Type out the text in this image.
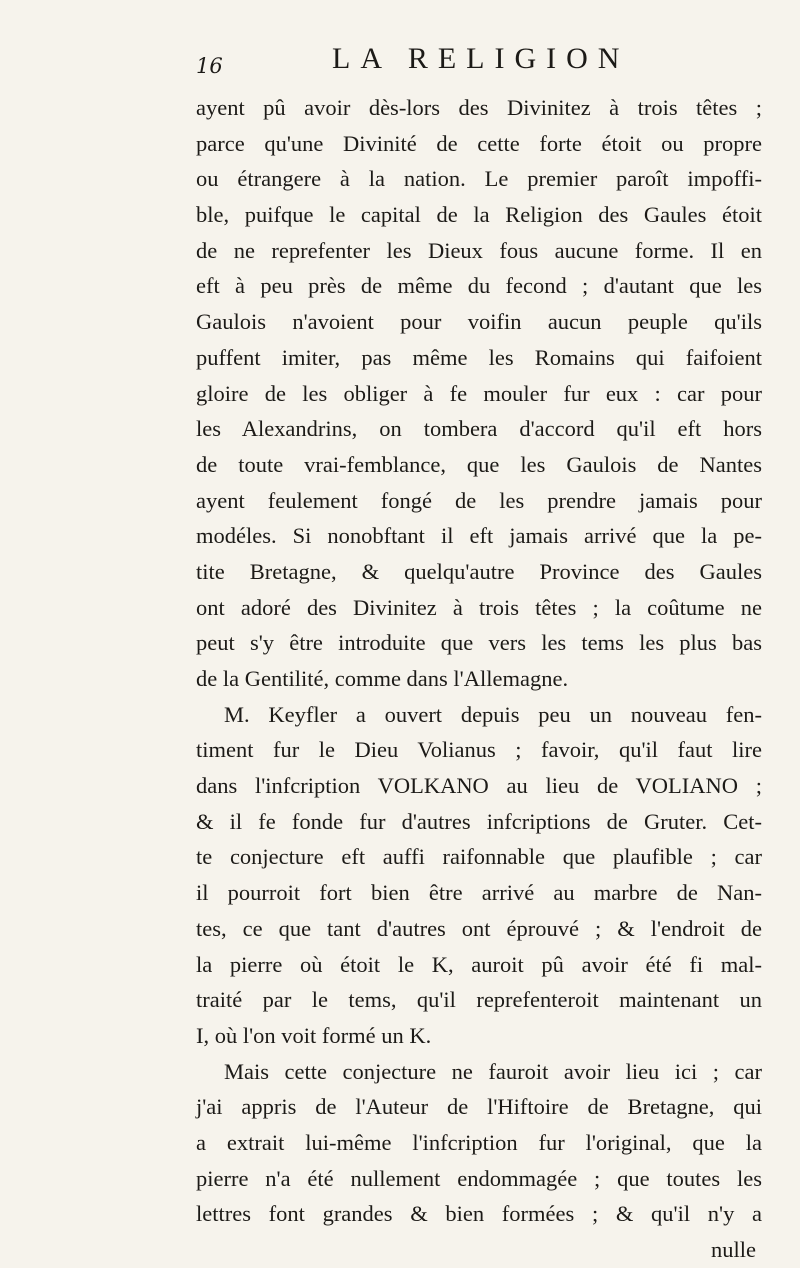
16	LA RELIGION
ayent pû avoir dès-lors des Divinitez à trois têtes ;
parce qu'une Divinité de cette forte étoit ou propre
ou étrangere à la nation. Le premier paroît impoffi-
ble, puifque le capital de la Religion des Gaules étoit
de ne reprefenter les Dieux fous aucune forme. Il en
eft à peu près de même du fecond ; d'autant que les
Gaulois n'avoient pour voifin aucun peuple qu'ils
puffent imiter, pas même les Romains qui faifoient
gloire de les obliger à fe mouler fur eux : car pour
les Alexandrins, on tombera d'accord qu'il eft hors
de toute vrai-femblance, que les Gaulois de Nantes
ayent feulement fongé de les prendre jamais pour
modéles. Si nonobftant il eft jamais arrivé que la pe-
tite Bretagne, & quelqu'autre Province des Gaules
ont adoré des Divinitez à trois têtes ; la coûtume ne
peut s'y être introduite que vers les tems les plus bas
de la Gentilité, comme dans l'Allemagne.
M. Keyfler a ouvert depuis peu un nouveau fen-
timent fur le Dieu Volianus ; favoir, qu'il faut lire
dans l'infcription VOLKANO au lieu de VOLIANO ;
& il fe fonde fur d'autres infcriptions de Gruter. Cet-
te conjecture eft auffi raifonnable que plaufible ; car
il pourroit fort bien être arrivé au marbre de Nan-
tes, ce que tant d'autres ont éprouvé ; & l'endroit de
la pierre où étoit le K, auroit pû avoir été fi mal-
traité par le tems, qu'il reprefenteroit maintenant un
I, où l'on voit formé un K.
Mais cette conjecture ne fauroit avoir lieu ici ; car
j'ai appris de l'Auteur de l'Hiftoire de Bretagne, qui
a extrait lui-même l'infcription fur l'original, que la
pierre n'a été nullement endommagée ; que toutes les
lettres font grandes & bien formées ; & qu'il n'y a
nulle
